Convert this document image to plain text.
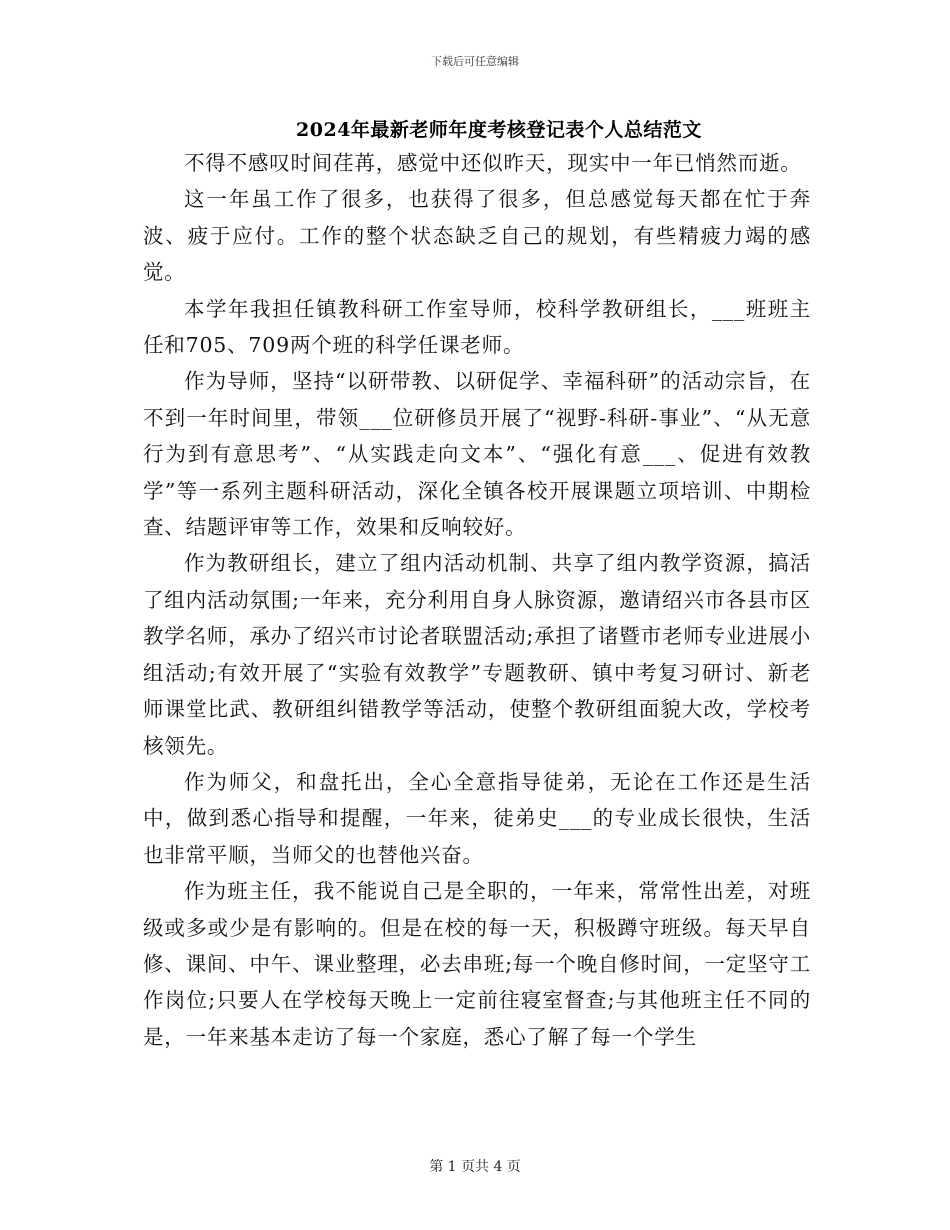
下载后可任意编辑
2024年最新老师年度考核登记表个人总结范文

不得不感叹时间荏苒，感觉中还似昨天，现实中一年已悄然而逝。

这一年虽工作了很多，也获得了很多，但总感觉每天都在忙于奔波、疲于应付。工作的整个状态缺乏自己的规划，有些精疲力竭的感觉。

本学年我担任镇教科研工作室导师，校科学教研组长，___班班主任和705、709两个班的科学任课老师。

作为导师，坚持“以研带教、以研促学、幸福科研”的活动宗旨，在不到一年时间里，带领___位研修员开展了“视野-科研-事业”、“从无意行为到有意思考”、“从实践走向文本”、“强化有意___、促进有效教学”等一系列主题科研活动，深化全镇各校开展课题立项培训、中期检查、结题评审等工作，效果和反响较好。

作为教研组长，建立了组内活动机制、共享了组内教学资源，搞活了组内活动氛围;一年来，充分利用自身人脉资源，邀请绍兴市各县市区教学名师，承办了绍兴市讨论者联盟活动;承担了诸暨市老师专业进展小组活动;有效开展了“实验有效教学”专题教研、镇中考复习研讨、新老师课堂比武、教研组纠错教学等活动，使整个教研组面貌大改，学校考核领先。

作为师父，和盘托出，全心全意指导徒弟，无论在工作还是生活中，做到悉心指导和提醒，一年来，徒弟史___的专业成长很快，生活也非常平顺，当师父的也替他兴奋。

作为班主任，我不能说自己是全职的，一年来，常常性出差，对班级或多或少是有影响的。但是在校的每一天，积极蹲守班级。每天早自修、课间、中午、课业整理，必去串班;每一个晚自修时间，一定坚守工作岗位;只要人在学校每天晚上一定前往寝室督查;与其他班主任不同的是，一年来基本走访了每一个家庭，悉心了解了每一个学生

第 1 页共 4 页
